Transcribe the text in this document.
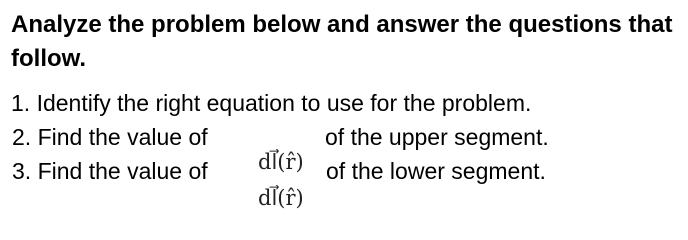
Analyze the problem below and answer the questions that
follow.
1. Identify the right equation to use for the problem.
2. Find the value of	of the upper segment.
3. Find the value of	of the lower segment.
dl⃗(r̂)
dl⃗(r̂)
